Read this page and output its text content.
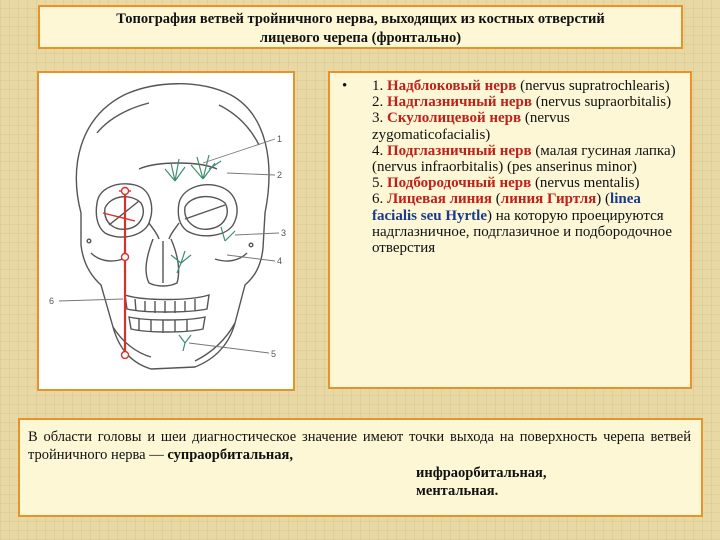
Топография ветвей тройничного нерва, выходящих из костных отверстий
лицевого черепа (фронтально)
1
2
3
4
5
6
• 1. Надблоковый нерв (nervus supratrochlearis)
2. Надглазничный нерв (nervus supraorbitalis)
3. Скулолицевой нерв (nervus zygomaticofacialis)
4. Подглазничный нерв (малая гусиная лапка) (nervus infraorbitalis) (pes anserinus minor)
5. Подбородочный нерв (nervus mentalis)
6. Лицевая линия (линия Гиртля) (linea facialis seu Hyrtle) на которую проецируются надглазничное, подглазичное и подбородочное отверстия
В области головы и шеи диагностическое значение имеют точки выхода на поверхность черепа ветвей тройничного нерва — супраорбитальная,
инфраорбитальная,
ментальная.
